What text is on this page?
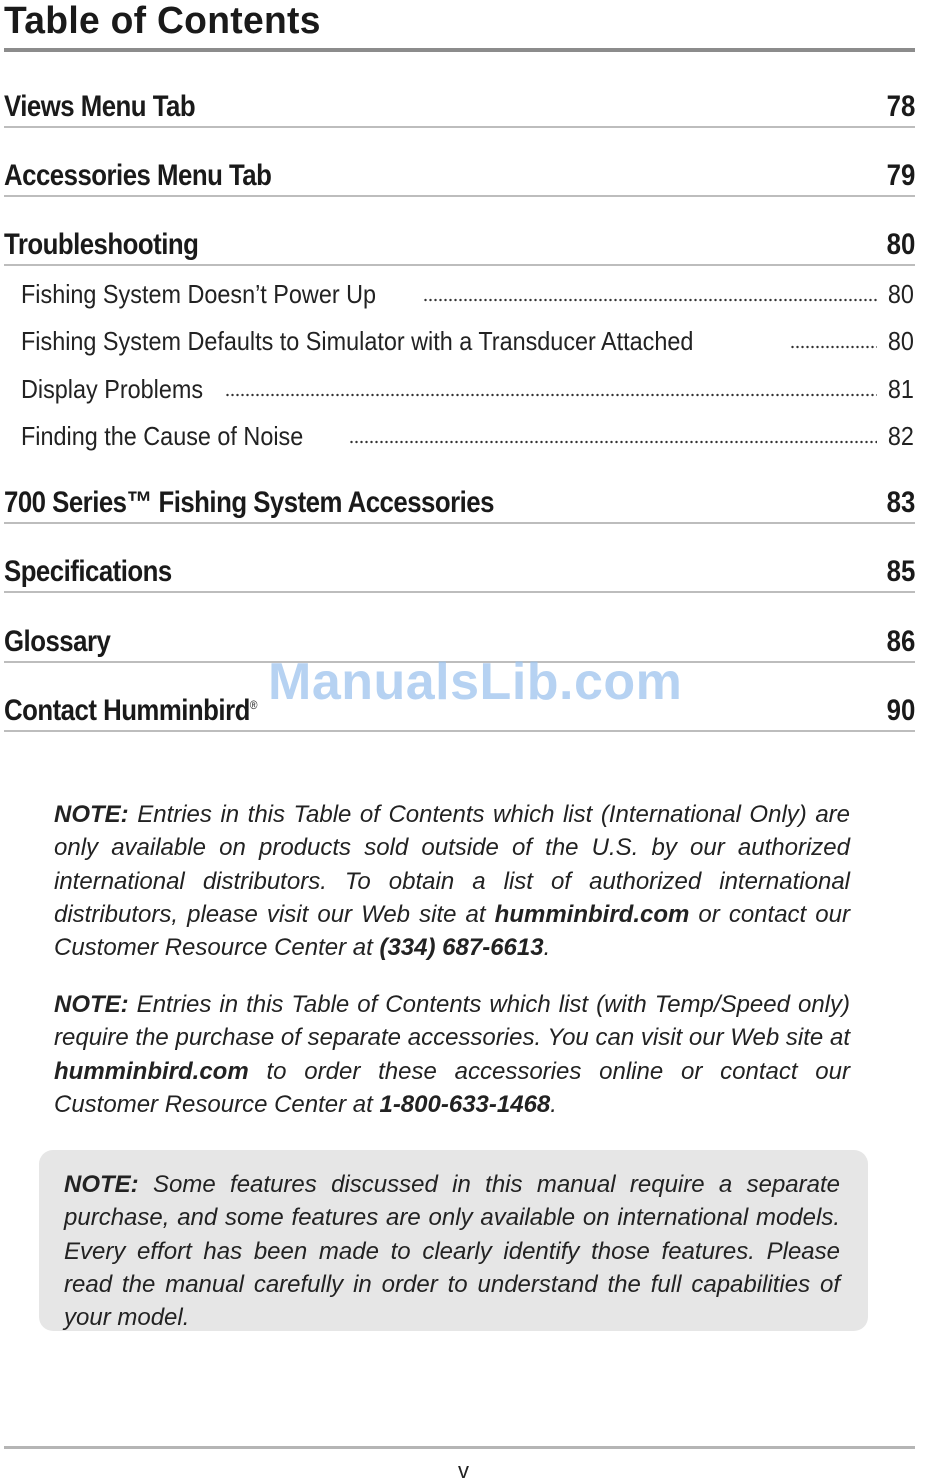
Table of Contents
Views Menu Tab	78
Accessories Menu Tab	79
Troubleshooting	80
Fishing System Doesn’t Power Up	80
Fishing System Defaults to Simulator with a Transducer Attached	80
Display Problems	81
Finding the Cause of Noise	82
700 Series™ Fishing System Accessories	83
Specifications	85
Glossary	86
Contact Humminbird®	90
ManualsLib.com
NOTE: Entries in this Table of Contents which list (International Only) are only available on products sold outside of the U.S. by our authorized international distributors. To obtain a list of authorized international distributors, please visit our Web site at humminbird.com or contact our Customer Resource Center at (334) 687-6613.
NOTE: Entries in this Table of Contents which list (with Temp/Speed only) require the purchase of separate accessories. You can visit our Web site at humminbird.com to order these accessories online or contact our Customer Resource Center at 1-800-633-1468.
NOTE: Some features discussed in this manual require a separate purchase, and some features are only available on international models. Every effort has been made to clearly identify those features. Please read the manual carefully in order to understand the full capabilities of your model.
v
